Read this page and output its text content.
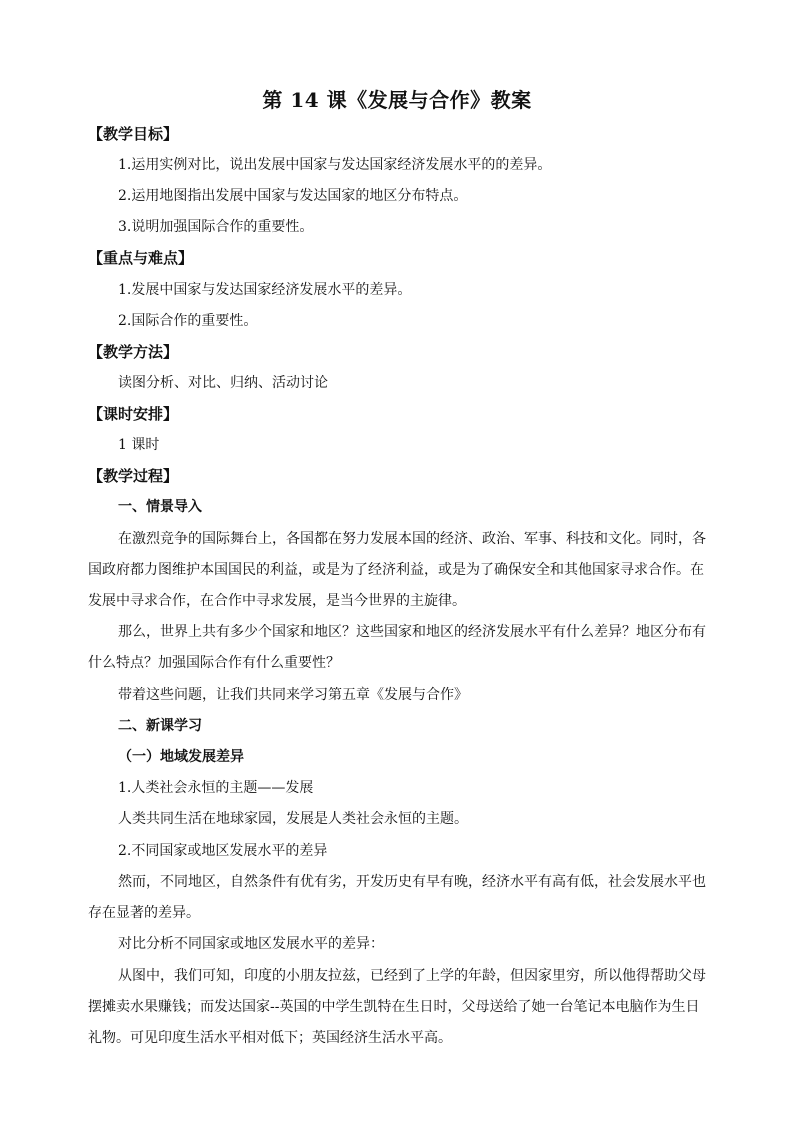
第 14 课《发展与合作》教案
【教学目标】
1.运用实例对比，说出发展中国家与发达国家经济发展水平的的差异。
2.运用地图指出发展中国家与发达国家的地区分布特点。
3.说明加强国际合作的重要性。
【重点与难点】
1.发展中国家与发达国家经济发展水平的差异。
2.国际合作的重要性。
【教学方法】
读图分析、对比、归纳、活动讨论
【课时安排】
1 课时
【教学过程】
一、情景导入
在激烈竞争的国际舞台上，各国都在努力发展本国的经济、政治、军事、科技和文化。同时，各
国政府都力图维护本国国民的利益，或是为了经济利益，或是为了确保安全和其他国家寻求合作。在
发展中寻求合作，在合作中寻求发展，是当今世界的主旋律。
那么，世界上共有多少个国家和地区？这些国家和地区的经济发展水平有什么差异？地区分布有
什么特点？加强国际合作有什么重要性？
带着这些问题，让我们共同来学习第五章《发展与合作》
二、新课学习
（一）地域发展差异
1.人类社会永恒的主题——发展
人类共同生活在地球家园，发展是人类社会永恒的主题。
2.不同国家或地区发展水平的差异
然而，不同地区，自然条件有优有劣，开发历史有早有晚，经济水平有高有低，社会发展水平也
存在显著的差异。
对比分析不同国家或地区发展水平的差异：
从图中，我们可知，印度的小朋友拉兹，已经到了上学的年龄，但因家里穷，所以他得帮助父母
摆摊卖水果赚钱；而发达国家--英国的中学生凯特在生日时，父母送给了她一台笔记本电脑作为生日
礼物。可见印度生活水平相对低下；英国经济生活水平高。
